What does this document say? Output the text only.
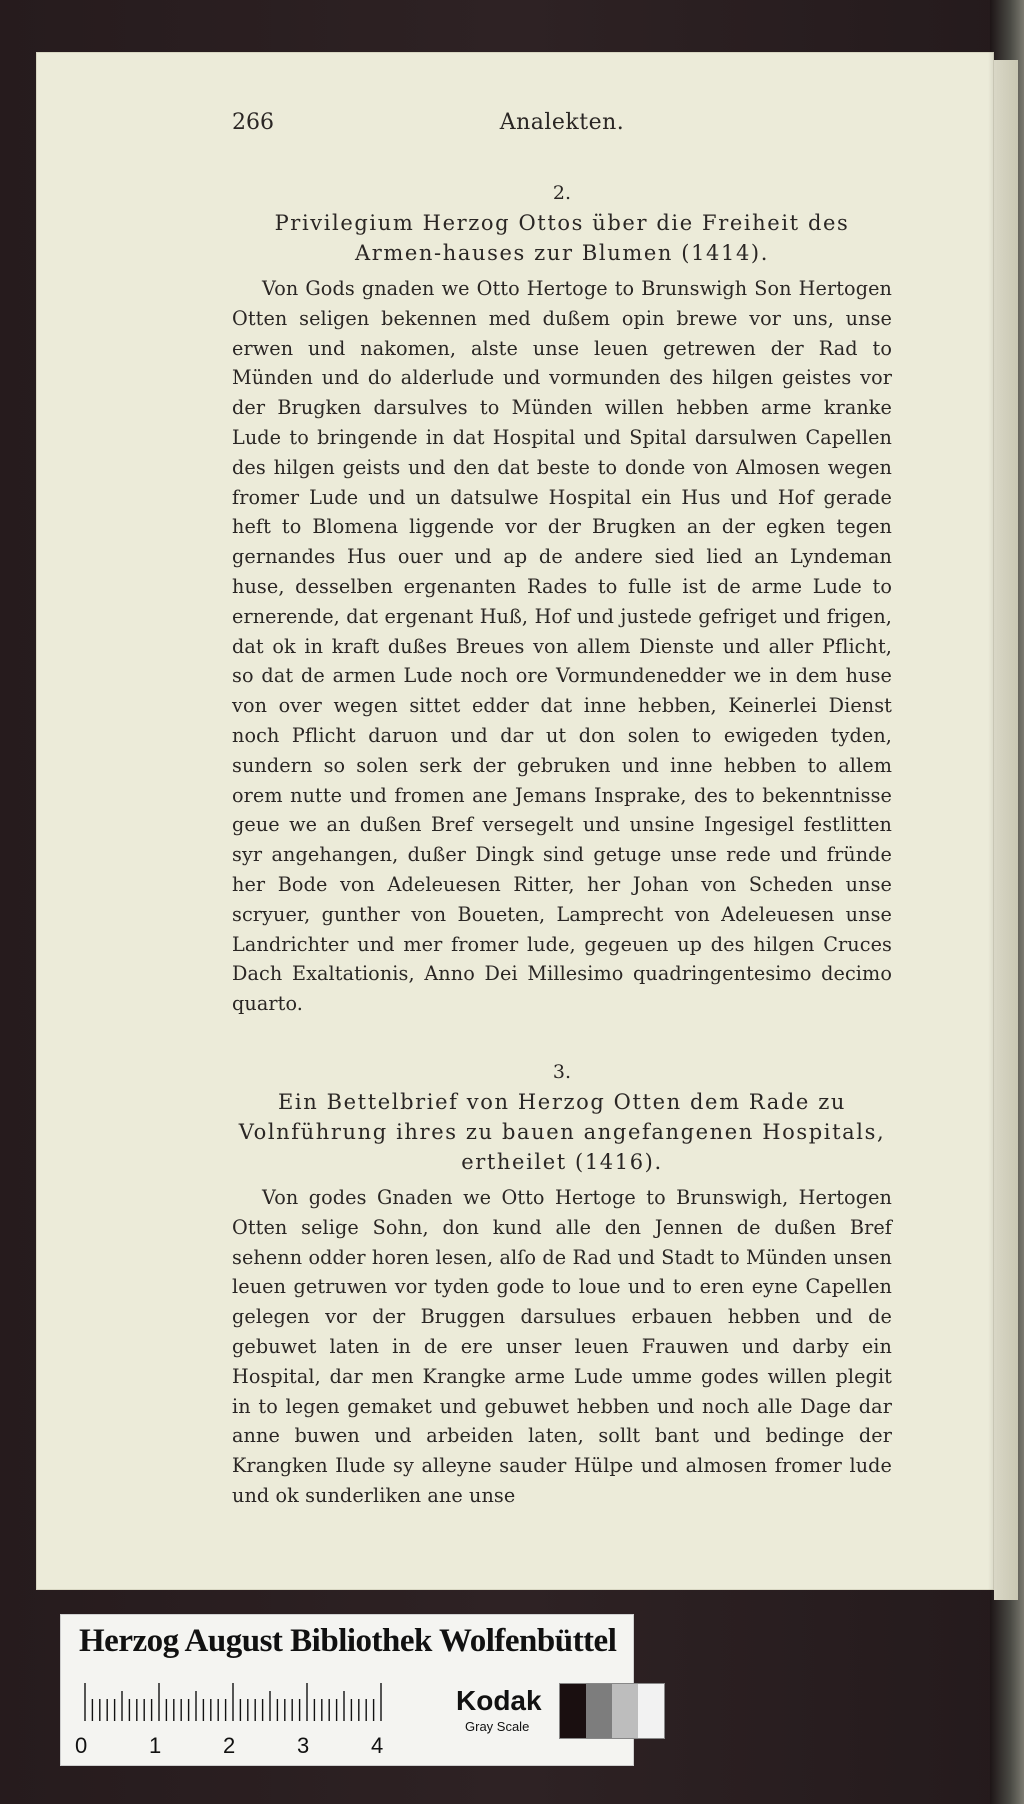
266	Analekten.
2.
Privilegium Herzog Ottos über die Freiheit des Armen-hauses zur Blumen (1414).

Von Gods gnaden we Otto Hertoge to Brunswigh Son Hertogen Otten seligen bekennen med dußem opin brewe vor uns, unse erwen und nakomen, alste unse leuen getrewen der Rad to Münden und do alderlude und vormunden des hilgen geistes vor der Brugken darsulves to Münden willen hebben arme kranke Lude to bringende in dat Hospital und Spital darsulwen Capellen des hilgen geists und den dat beste to donde von Almosen wegen fromer Lude und un datsulwe Hospital ein Hus und Hof gerade heft to Blomena liggende vor der Brugken an der egken tegen gernandes Hus ouer und ap de andere sied lied an Lyndeman huse, desselben ergenanten Rades to fulle ist de arme Lude to ernerende, dat ergenant Huß, Hof und justede gefriget und frigen, dat ok in kraft dußes Breues von allem Dienste und aller Pflicht, so dat de armen Lude noch ore Vormundenedder we in dem huse von over wegen sittet edder dat inne hebben, Keinerlei Dienst noch Pflicht daruon und dar ut don solen to ewigeden tyden, sundern so solen serk der gebruken und inne hebben to allem orem nutte und fromen ane Jemans Insprake, des to bekenntnisse geue we an dußen Bref versegelt und unsine Ingesigel festlitten syr angehangen, dußer Dingk sind getuge unse rede und fründe her Bode von Adeleuesen Ritter, her Johan von Scheden unse scryuer, gunther von Boueten, Lamprecht von Adeleuesen unse Landrichter und mer fromer lude, gegeuen up des hilgen Cruces Dach Exaltationis, Anno Dei Millesimo quadringentesimo decimo quarto.

3.
Ein Bettelbrief von Herzog Otten dem Rade zu Volnführung ihres zu bauen angefangenen Hospitals, ertheilet (1416).

Von godes Gnaden we Otto Hertoge to Brunswigh, Hertogen Otten selige Sohn, don kund alle den Jennen de dußen Bref sehenn odder horen lesen, alſo de Rad und Stadt to Münden unsen leuen getruwen vor tyden gode to loue und to eren eyne Capellen gelegen vor der Bruggen darsulues erbauen hebben und de gebuwet laten in de ere unser leuen Frauwen und darby ein Hospital, dar men Krangke arme Lude umme godes willen plegit in to legen gemaket und gebuwet hebben und noch alle Dage dar anne buwen und arbeiden laten, sollt bant und bedinge der Krangken Ilude sy alleyne sauder Hülpe und almosen fromer lude und ok sunderliken ane unse

Herzog August Bibliothek Wolfenbüttel
0	1	2	3	4
Kodak
Gray Scale
